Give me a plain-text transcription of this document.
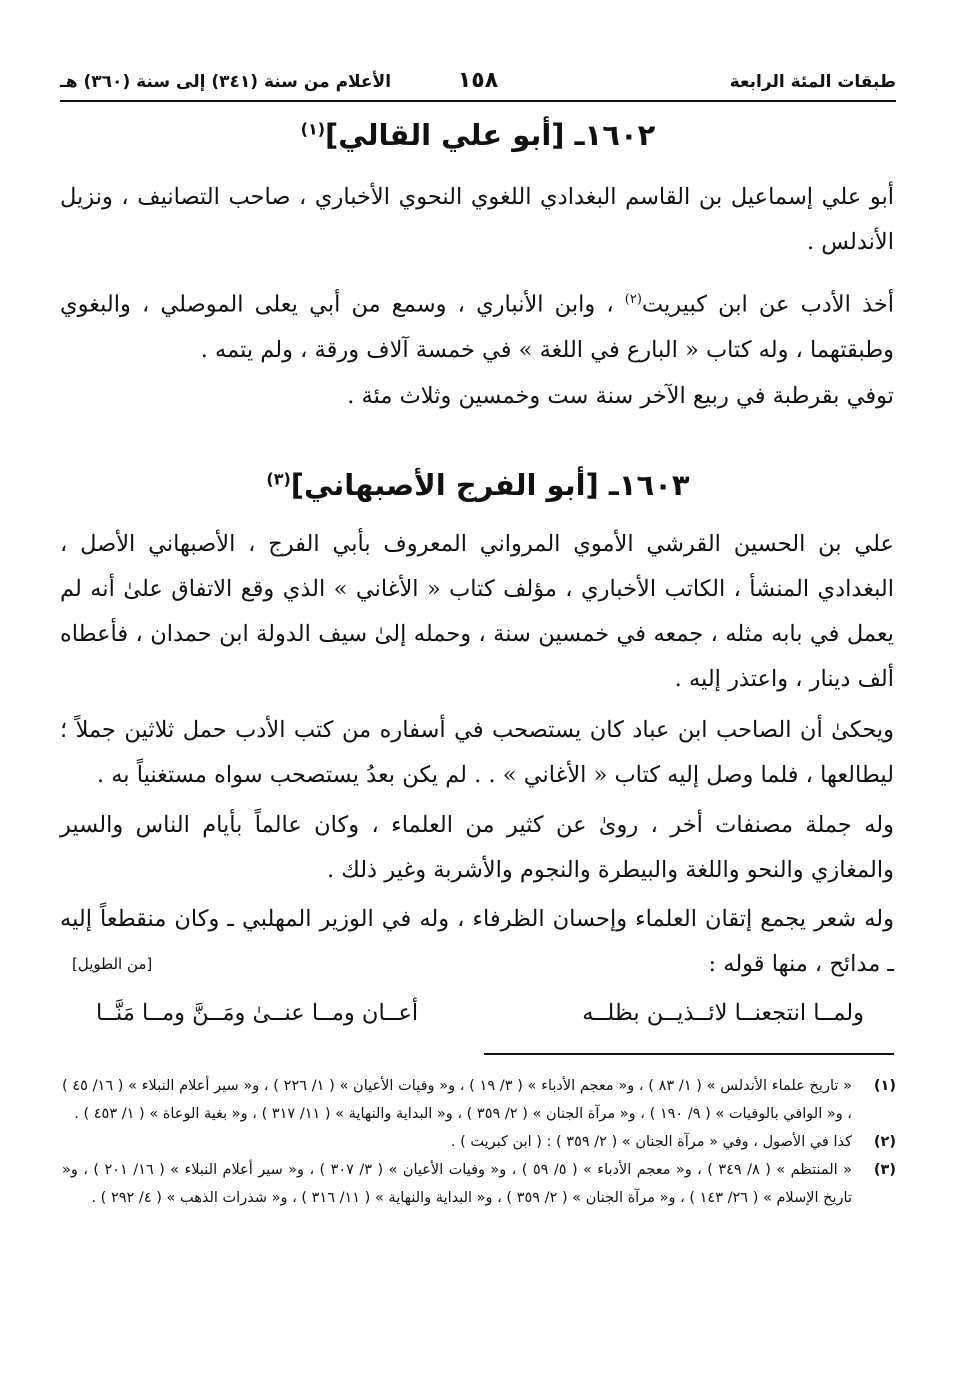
طبقات المئة الرابعة
١٥٨
الأعلام من سنة (٣٤١) إلى سنة (٣٦٠) هـ
١٦٠٢ـ [أبو علي القالي]$^{(١)}$

أبو علي إسماعيل بن القاسم البغدادي اللغوي النحوي الأخباري ، صاحب التصانيف ، ونزيل الأندلس .

أخذ الأدب عن ابن كبيريت$^{(٢)}$ ، وابن الأنباري ، وسمع من أبي يعلى الموصلي ، والبغوي وطبقتهما ، وله كتاب « البارع في اللغة » في خمسة آلاف ورقة ، ولم يتمه .

توفي بقرطبة في ربيع الآخر سنة ست وخمسين وثلاث مئة .

١٦٠٣ـ [أبو الفرج الأصبهاني]$^{(٣)}$

علي بن الحسين القرشي الأموي المرواني المعروف بأبي الفرج ، الأصبهاني الأصل ، البغدادي المنشأ ، الكاتب الأخباري ، مؤلف كتاب « الأغاني » الذي وقع الاتفاق علىٰ أنه لم يعمل في بابه مثله ، جمعه في خمسين سنة ، وحمله إلىٰ سيف الدولة ابن حمدان ، فأعطاه ألف دينار ، واعتذر إليه .

ويحكىٰ أن الصاحب ابن عباد كان يستصحب في أسفاره من كتب الأدب حمل ثلاثين جملاً ؛ ليطالعها ، فلما وصل إليه كتاب « الأغاني » . . لم يكن بعدُ يستصحب سواه مستغنياً به .

وله جملة مصنفات أخر ، روىٰ عن كثير من العلماء ، وكان عالماً بأيام الناس والسير والمغازي والنحو واللغة والبيطرة والنجوم والأشربة وغير ذلك .

وله شعر يجمع إتقان العلماء وإحسان الظرفاء ، وله في الوزير المهلبي ـ وكان منقطعاً إليه ـ مدائح ، منها قوله :

[من الطويل]
ولمــا انتجعنــا لائــذيــن بظلــه
أعــان ومــا عنــىٰ ومَــنَّ ومــا مَنَّــا
(١)
« تاريخ علماء الأندلس » ( ١/ ٨٣ ) ، و« معجم الأدباء » ( ٣/ ١٩ ) ، و« وفيات الأعيان » ( ١/ ٢٢٦ ) ، و« سير أعلام النبلاء » ( ١٦/ ٤٥ ) ، و« الوافي بالوفيات » ( ٩/ ١٩٠ ) ، و« مرآة الجنان » ( ٢/ ٣٥٩ ) ، و« البداية والنهاية » ( ١١/ ٣١٧ ) ، و« بغية الوعاة » ( ١/ ٤٥٣ ) .
(٢)
كذا في الأصول ، وفي « مرآة الجنان » ( ٢/ ٣٥٩ ) : ( ابن كبريت ) .
(٣)
« المنتظم » ( ٨/ ٣٤٩ ) ، و« معجم الأدباء » ( ٥/ ٥٩ ) ، و« وفيات الأعيان » ( ٣/ ٣٠٧ ) ، و« سير أعلام النبلاء » ( ١٦/ ٢٠١ ) ، و« تاريخ الإسلام » ( ٢٦/ ١٤٣ ) ، و« مرآة الجنان » ( ٢/ ٣٥٩ ) ، و« البداية والنهاية » ( ١١/ ٣١٦ ) ، و« شذرات الذهب » ( ٤/ ٢٩٢ ) .
